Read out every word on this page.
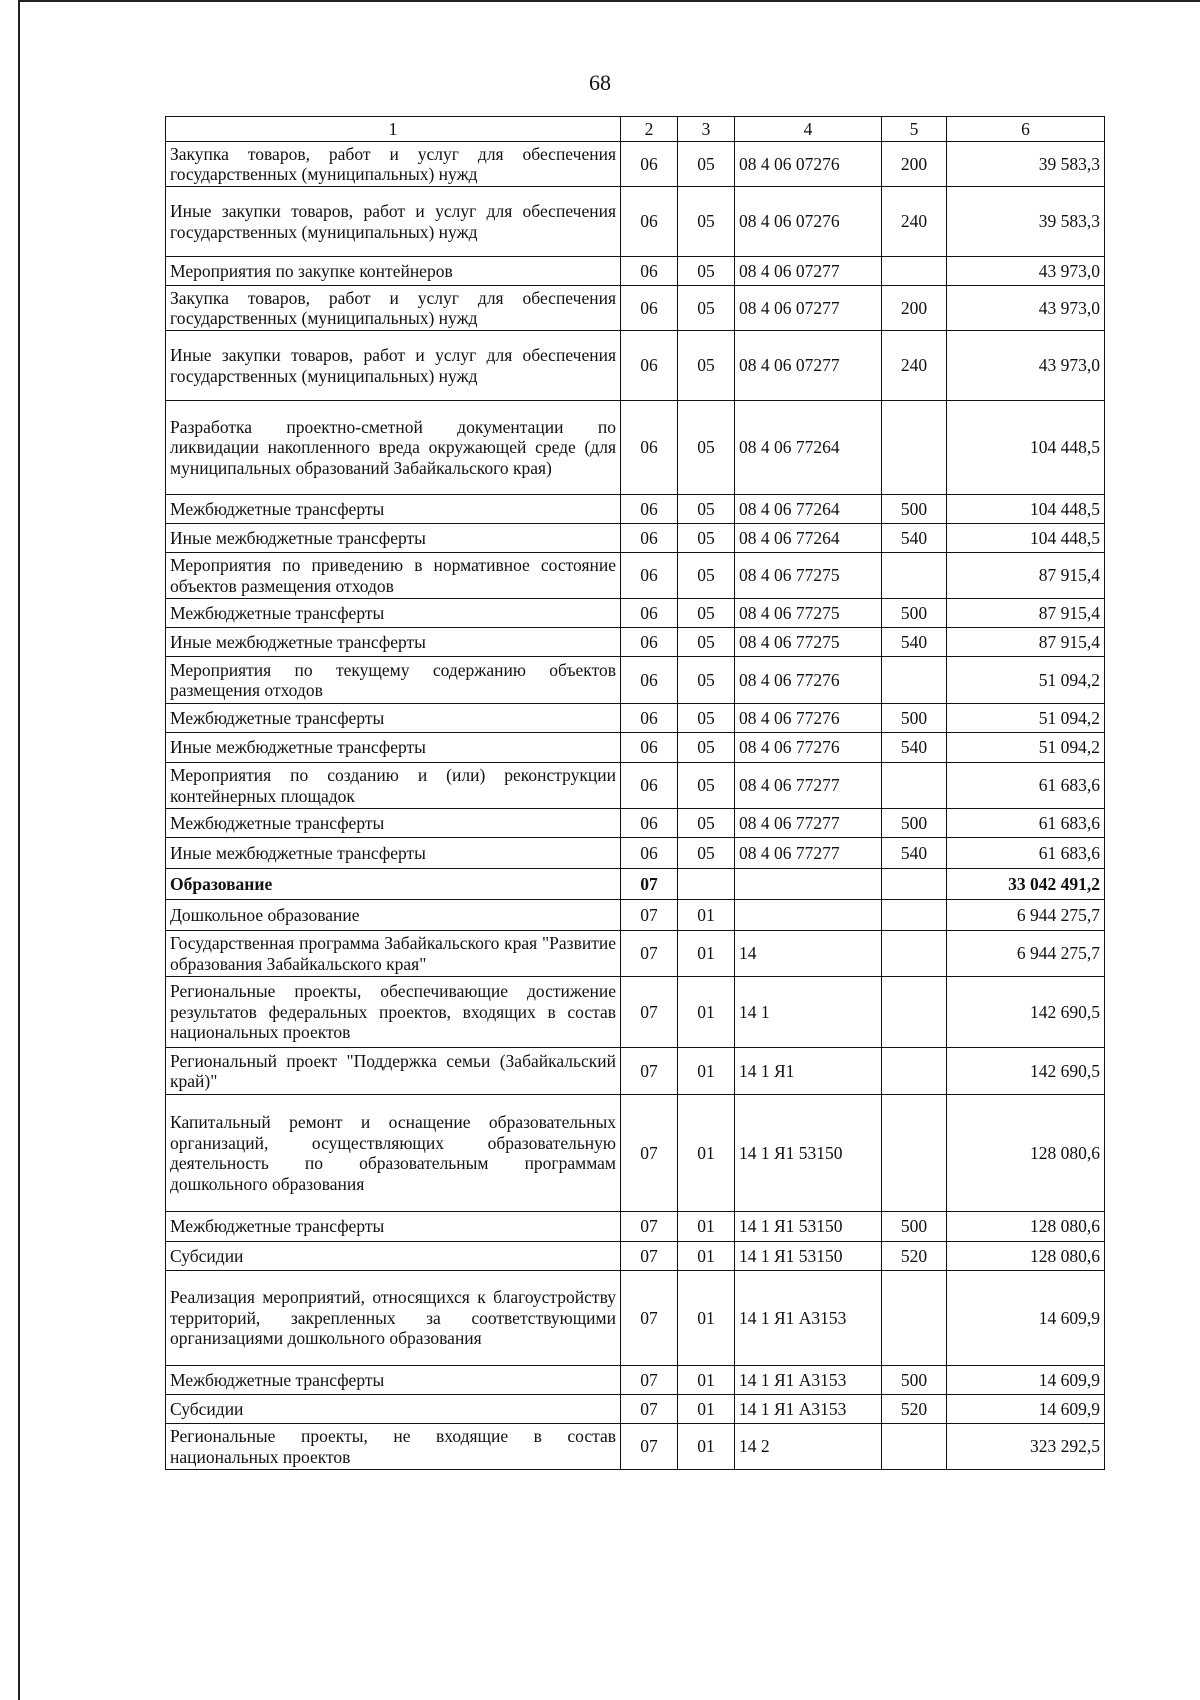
68
1	2	3	4	5	6
Закупка товаров, работ и услуг для обеспечения государственных (муниципальных) нужд	06	05	08 4 06 07276	200	39 583,3
Иные закупки товаров, работ и услуг для обеспечения государственных (муниципальных) нужд	06	05	08 4 06 07276	240	39 583,3
Мероприятия по закупке контейнеров	06	05	08 4 06 07277		43 973,0
Закупка товаров, работ и услуг для обеспечения государственных (муниципальных) нужд	06	05	08 4 06 07277	200	43 973,0
Иные закупки товаров, работ и услуг для обеспечения государственных (муниципальных) нужд	06	05	08 4 06 07277	240	43 973,0
Разработка проектно-сметной документации по ликвидации накопленного вреда окружающей среде (для муниципальных образований Забайкальского края)	06	05	08 4 06 77264		104 448,5
Межбюджетные трансферты	06	05	08 4 06 77264	500	104 448,5
Иные межбюджетные трансферты	06	05	08 4 06 77264	540	104 448,5
Мероприятия по приведению в нормативное состояние объектов размещения отходов	06	05	08 4 06 77275		87 915,4
Межбюджетные трансферты	06	05	08 4 06 77275	500	87 915,4
Иные межбюджетные трансферты	06	05	08 4 06 77275	540	87 915,4
Мероприятия по текущему содержанию объектов размещения отходов	06	05	08 4 06 77276		51 094,2
Межбюджетные трансферты	06	05	08 4 06 77276	500	51 094,2
Иные межбюджетные трансферты	06	05	08 4 06 77276	540	51 094,2
Мероприятия по созданию и (или) реконструкции контейнерных площадок	06	05	08 4 06 77277		61 683,6
Межбюджетные трансферты	06	05	08 4 06 77277	500	61 683,6
Иные межбюджетные трансферты	06	05	08 4 06 77277	540	61 683,6
Образование	07				33 042 491,2
Дошкольное образование	07	01			6 944 275,7
Государственная программа Забайкальского края "Развитие образования Забайкальского края"	07	01	14		6 944 275,7
Региональные проекты, обеспечивающие достижение результатов федеральных проектов, входящих в состав национальных проектов	07	01	14 1		142 690,5
Региональный проект "Поддержка семьи (Забайкальский край)"	07	01	14 1 Я1		142 690,5
Капитальный ремонт и оснащение образовательных организаций, осуществляющих образовательную деятельность по образовательным программам дошкольного образования	07	01	14 1 Я1 53150		128 080,6
Межбюджетные трансферты	07	01	14 1 Я1 53150	500	128 080,6
Субсидии	07	01	14 1 Я1 53150	520	128 080,6
Реализация мероприятий, относящихся к благоустройству территорий, закрепленных за соответствующими организациями дошкольного образования	07	01	14 1 Я1 А3153		14 609,9
Межбюджетные трансферты	07	01	14 1 Я1 А3153	500	14 609,9
Субсидии	07	01	14 1 Я1 А3153	520	14 609,9
Региональные проекты, не входящие в состав национальных проектов	07	01	14 2		323 292,5
